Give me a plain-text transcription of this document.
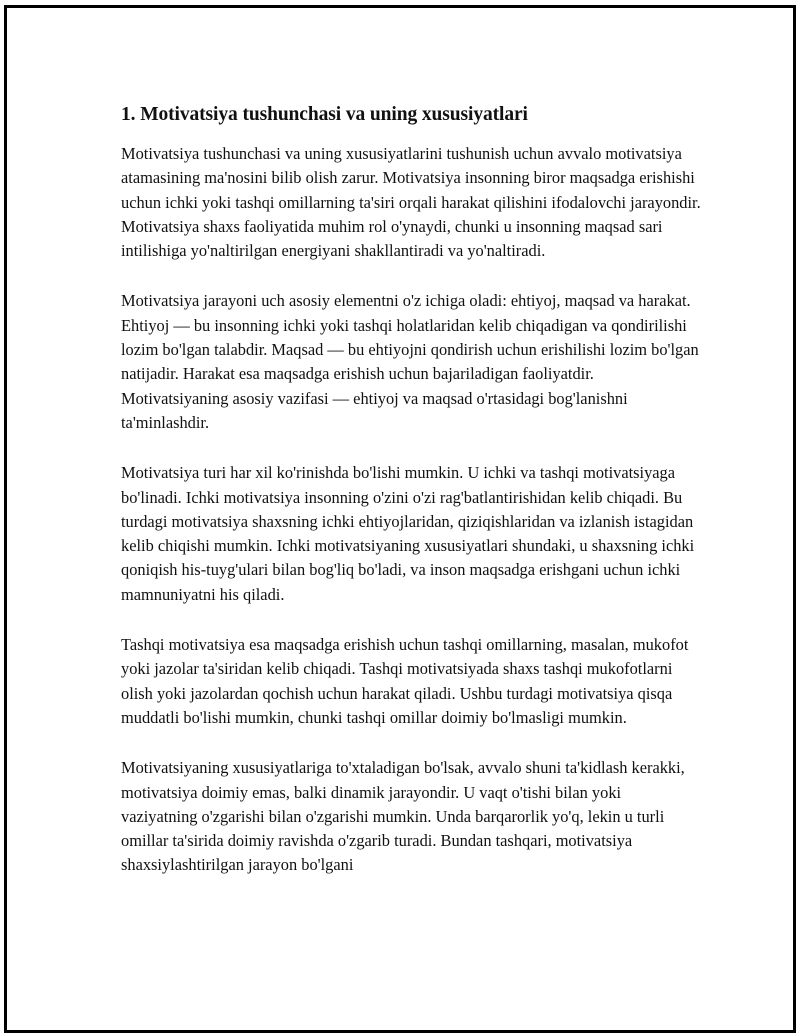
1. Motivatsiya tushunchasi va uning xususiyatlari

Motivatsiya tushunchasi va uning xususiyatlarini tushunish uchun avvalo motivatsiya atamasining ma'nosini bilib olish zarur. Motivatsiya insonning biror maqsadga erishishi uchun ichki yoki tashqi omillarning ta'siri orqali harakat qilishini ifodalovchi jarayondir. Motivatsiya shaxs faoliyatida muhim rol o'ynaydi, chunki u insonning maqsad sari intilishiga yo'naltirilgan energiyani shakllantiradi va yo'naltiradi.

Motivatsiya jarayoni uch asosiy elementni o'z ichiga oladi: ehtiyoj, maqsad va harakat. Ehtiyoj — bu insonning ichki yoki tashqi holatlaridan kelib chiqadigan va qondirilishi lozim bo'lgan talabdir. Maqsad — bu ehtiyojni qondirish uchun erishilishi lozim bo'lgan natijadir. Harakat esa maqsadga erishish uchun bajariladigan faoliyatdir. Motivatsiyaning asosiy vazifasi — ehtiyoj va maqsad o'rtasidagi bog'lanishni ta'minlashdir.

Motivatsiya turi har xil ko'rinishda bo'lishi mumkin. U ichki va tashqi motivatsiyaga bo'linadi. Ichki motivatsiya insonning o'zini o'zi rag'batlantirishidan kelib chiqadi. Bu turdagi motivatsiya shaxsning ichki ehtiyojlaridan, qiziqishlaridan va izlanish istagidan kelib chiqishi mumkin. Ichki motivatsiyaning xususiyatlari shundaki, u shaxsning ichki qoniqish his-tuyg'ulari bilan bog'liq bo'ladi, va inson maqsadga erishgani uchun ichki mamnuniyatni his qiladi.

Tashqi motivatsiya esa maqsadga erishish uchun tashqi omillarning, masalan, mukofot yoki jazolar ta'siridan kelib chiqadi. Tashqi motivatsiyada shaxs tashqi mukofotlarni olish yoki jazolardan qochish uchun harakat qiladi. Ushbu turdagi motivatsiya qisqa muddatli bo'lishi mumkin, chunki tashqi omillar doimiy bo'lmasligi mumkin.

Motivatsiyaning xususiyatlariga to'xtaladigan bo'lsak, avvalo shuni ta'kidlash kerakki, motivatsiya doimiy emas, balki dinamik jarayondir. U vaqt o'tishi bilan yoki vaziyatning o'zgarishi bilan o'zgarishi mumkin. Unda barqarorlik yo'q, lekin u turli omillar ta'sirida doimiy ravishda o'zgarib turadi. Bundan tashqari, motivatsiya shaxsiylashtirilgan jarayon bo'lgani
